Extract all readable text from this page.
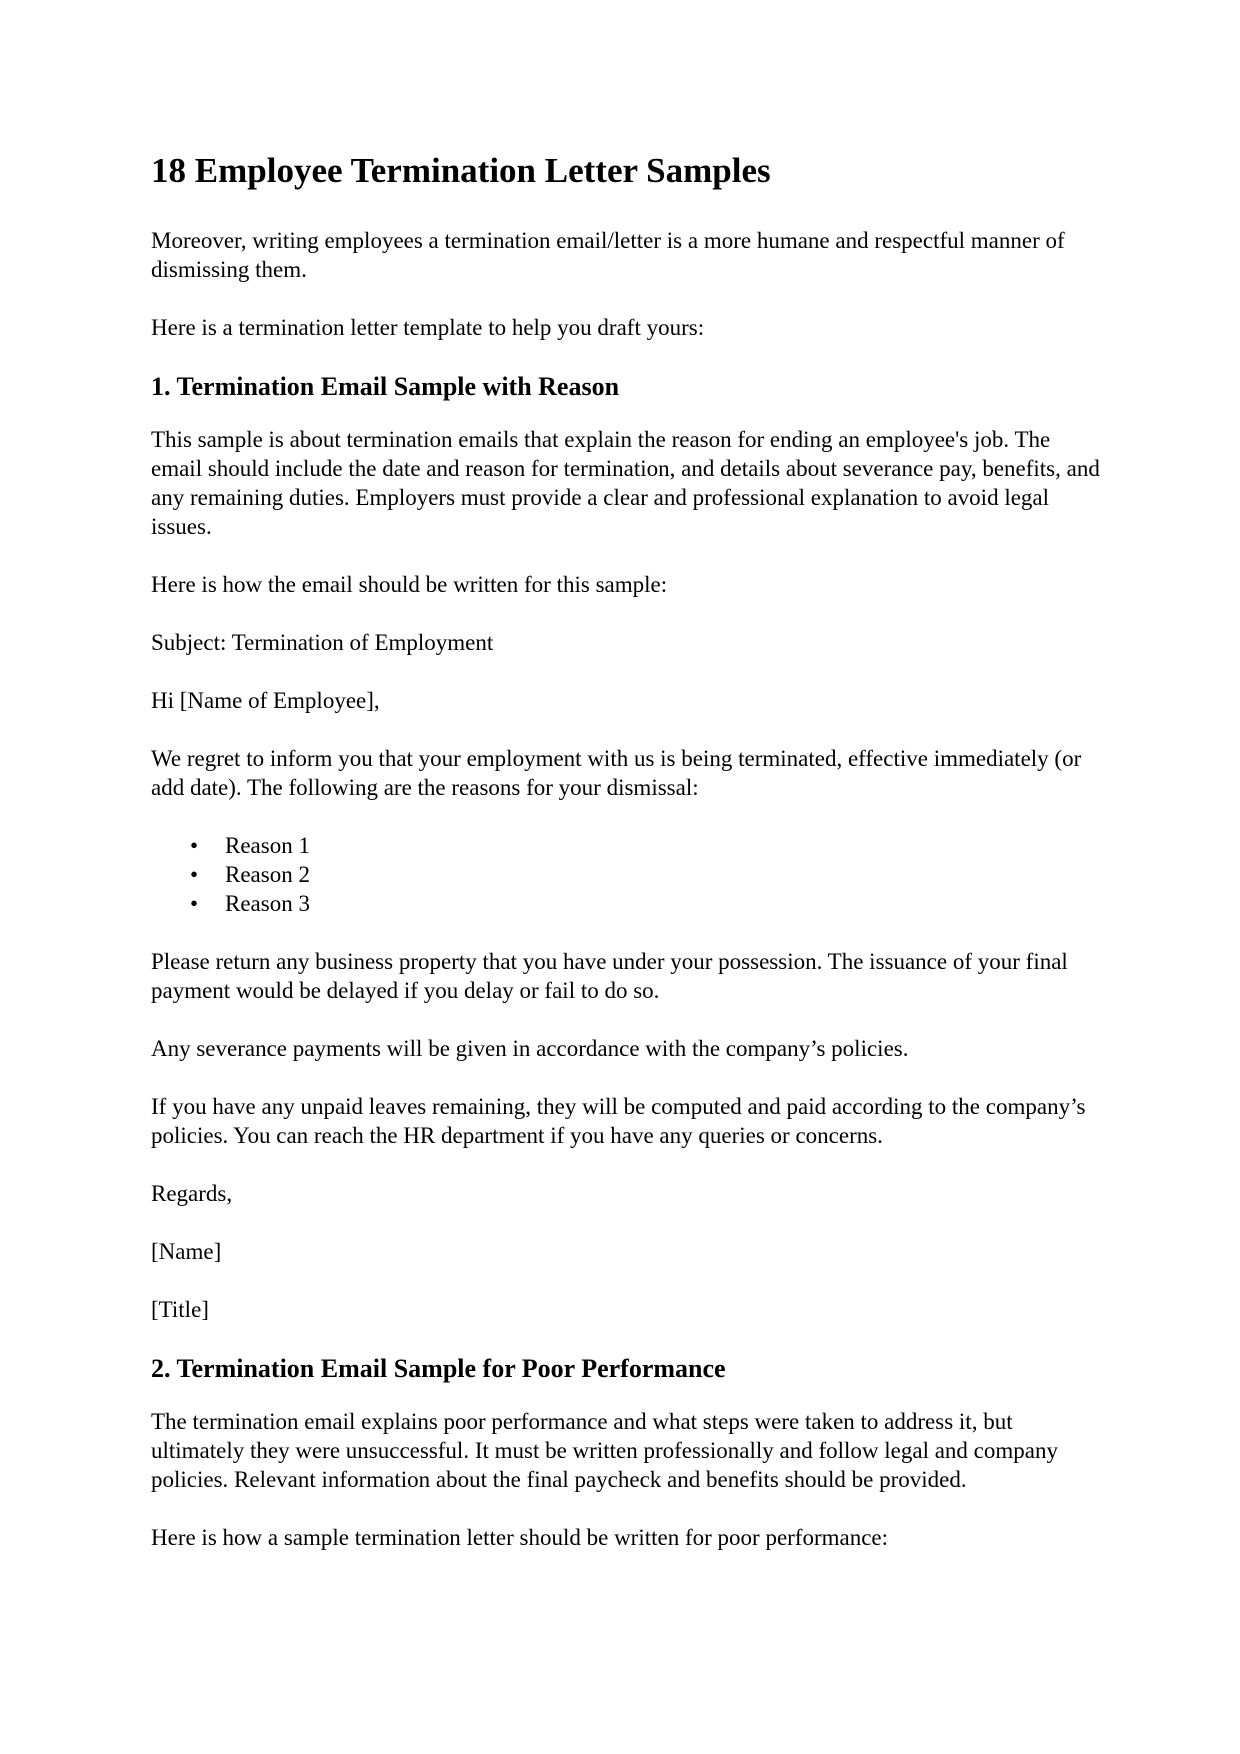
18 Employee Termination Letter Samples

Moreover, writing employees a termination email/letter is a more humane and respectful manner of dismissing them.

Here is a termination letter template to help you draft yours:

1. Termination Email Sample with Reason

This sample is about termination emails that explain the reason for ending an employee's job. The email should include the date and reason for termination, and details about severance pay, benefits, and any remaining duties. Employers must provide a clear and professional explanation to avoid legal issues.

Here is how the email should be written for this sample:

Subject: Termination of Employment

Hi [Name of Employee],

We regret to inform you that your employment with us is being terminated, effective immediately (or add date). The following are the reasons for your dismissal:

• Reason 1
• Reason 2
• Reason 3

Please return any business property that you have under your possession. The issuance of your final payment would be delayed if you delay or fail to do so.

Any severance payments will be given in accordance with the company’s policies.

If you have any unpaid leaves remaining, they will be computed and paid according to the company’s policies. You can reach the HR department if you have any queries or concerns.

Regards,

[Name]

[Title]

2. Termination Email Sample for Poor Performance

The termination email explains poor performance and what steps were taken to address it, but ultimately they were unsuccessful. It must be written professionally and follow legal and company policies. Relevant information about the final paycheck and benefits should be provided.

Here is how a sample termination letter should be written for poor performance:
